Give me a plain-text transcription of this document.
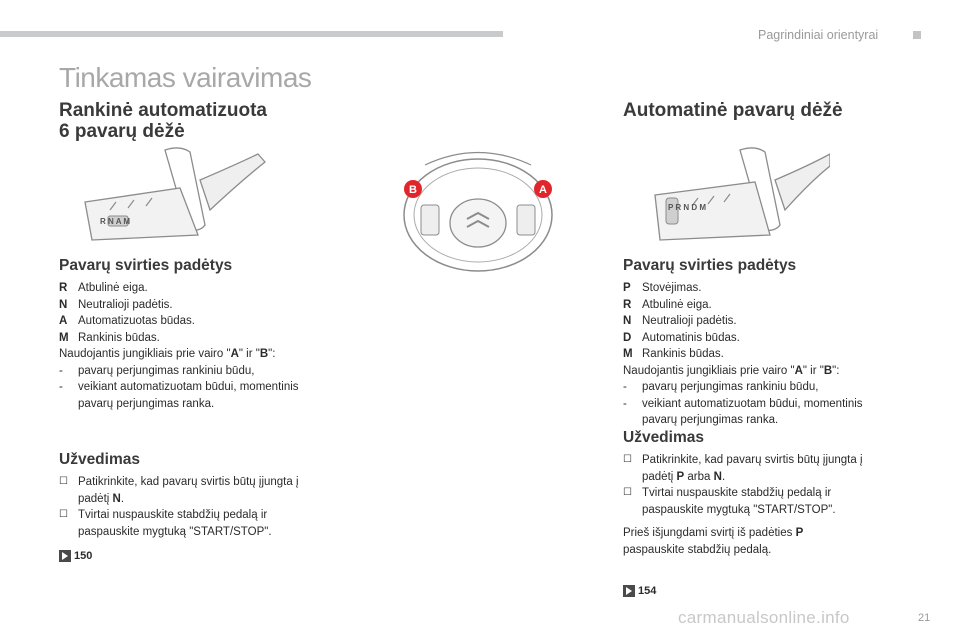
Pagrindiniai orientyrai
Tinkamas vairavimas
Rankinė automatizuota
6 pavarų dėžė
R N A M
Pavarų svirties padėtys
R Atbulinė eiga.
N Neutralioji padėtis.
A Automatizuotas būdas.
M Rankinis būdas.
Naudojantis jungikliais prie vairo "A" ir "B":
-	pavarų perjungimas rankiniu būdu,
-	veikiant automatizuotam būdui, momentinis pavarų perjungimas ranka.
Užvedimas
☐ Patikrinkite, kad pavarų svirtis būtų įjungta į padėtį N.
☐ Tvirtai nuspauskite stabdžių pedalą ir paspauskite mygtuką "START/STOP".
150
B	A
Automatinė pavarų dėžė
P R N D M
Pavarų svirties padėtys
P Stovėjimas.
R Atbulinė eiga.
N Neutralioji padėtis.
D Automatinis būdas.
M Rankinis būdas.
Naudojantis jungikliais prie vairo "A" ir "B":
-	pavarų perjungimas rankiniu būdu,
-	veikiant automatizuotam būdui, momentinis pavarų perjungimas ranka.
Užvedimas
☐ Patikrinkite, kad pavarų svirtis būtų įjungta į padėtį P arba N.
☐ Tvirtai nuspauskite stabdžių pedalą ir paspauskite mygtuką "START/STOP".
Prieš išjungdami svirtį iš padėties P paspauskite stabdžių pedalą.
154
21
carmanualsonline.info
